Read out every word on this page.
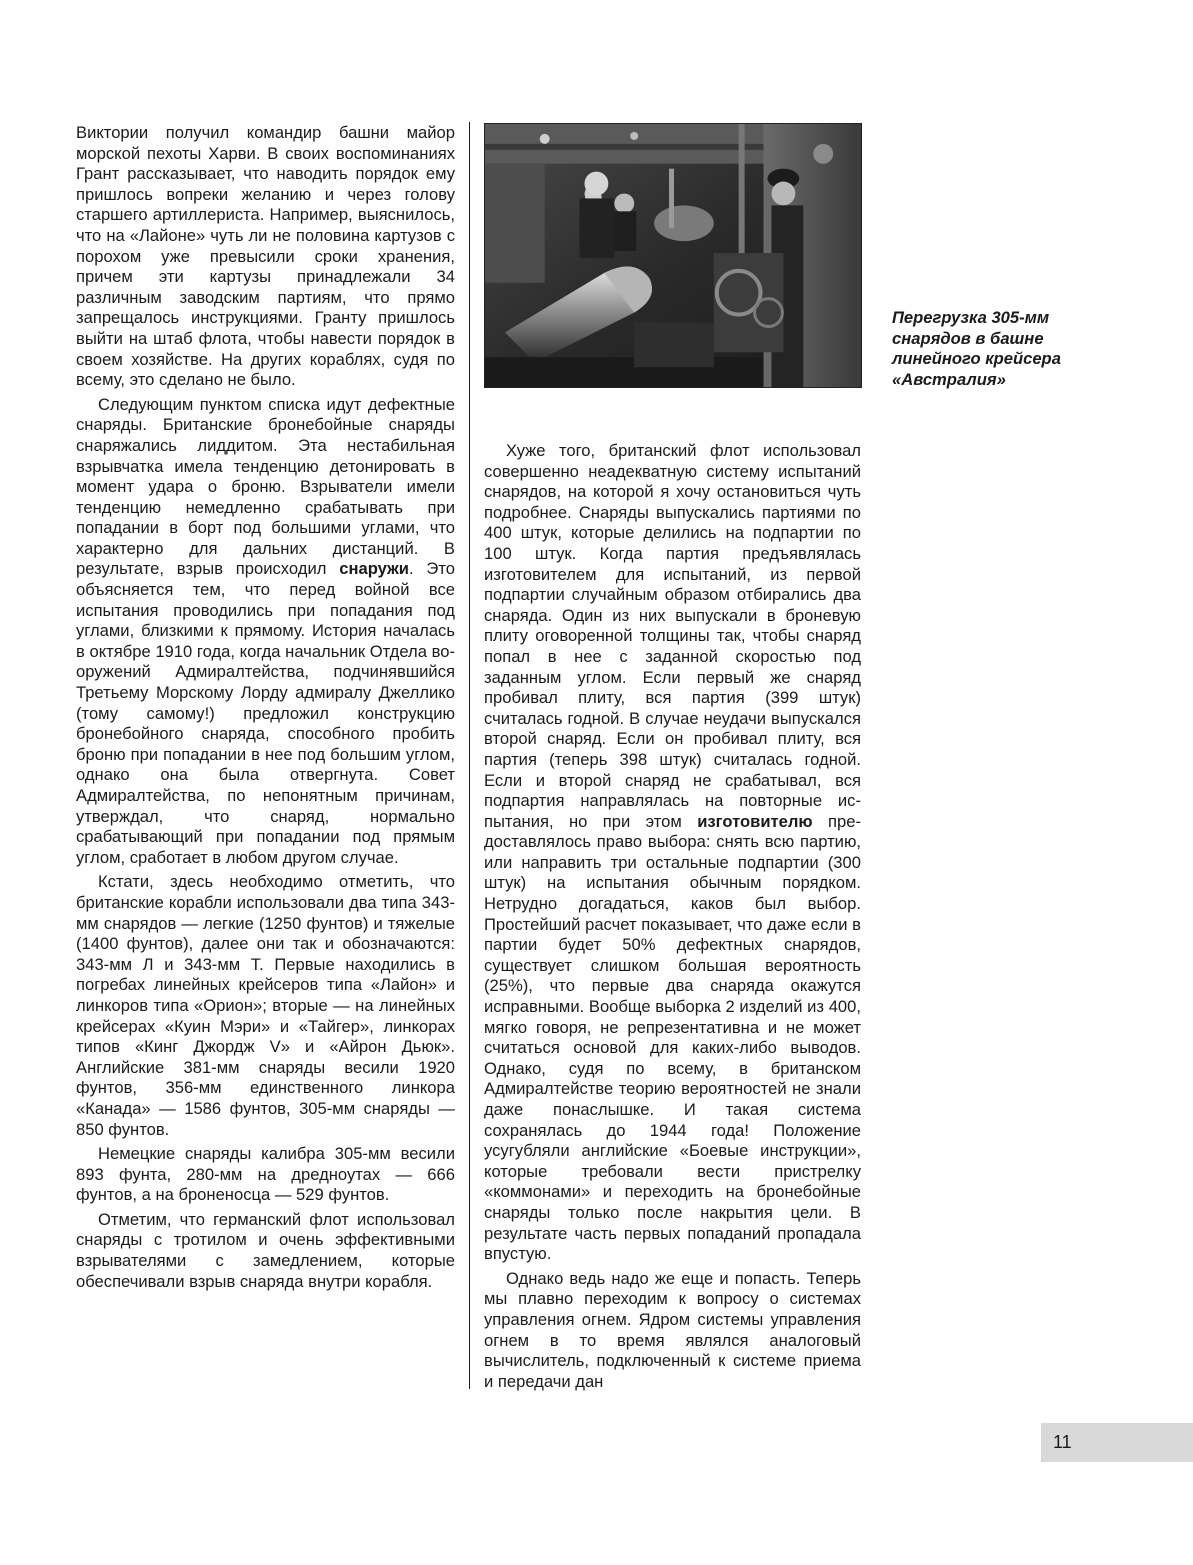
Виктории получил командир башни майор морской пехоты Харви. В своих воспоминаниях Грант рассказывает, что наводить порядок ему пришлось вопреки желанию и через голову старшего артиллериста. Например, выяснилось, что на «Лайоне» чуть ли не половина картузов с порохом уже превысили сроки хранения, причем эти картузы принадлежали 34 различным заводским партиям, что прямо запрещалось инструкциями. Гранту пришлось выйти на штаб флота, чтобы навести порядок в своем хозяйстве. На других кораблях, судя по всему, это сделано не было.

Следующим пунктом списка идут дефектные снаряды. Британские бронебойные снаряды снаряжались лиддитом. Эта нестабильная взрывчатка имела тенденцию детонировать в момент удара о броню. Взрыватели имели тенденцию немедленно срабатывать при попадании в борт под большими углами, что характерно для дальних дистанций. В результате, взрыв происходил снаружи. Это объясняется тем, что перед войной все испытания проводились при попадания под углами, близкими к прямому. История началась в октябре 1910 года, когда начальник Отдела вооружений Адмиралтейства, подчинявшийся Третьему Морскому Лорду адмиралу Джеллико (тому самому!) предложил конструкцию бронебойного снаряда, способного пробить броню при попадании в нее под большим углом, однако она была отвергнута. Совет Адмиралтейства, по непонятным причинам, утверждал, что снаряд, нормально срабатывающий при попадании под прямым углом, сработает в любом другом случае.

Кстати, здесь необходимо отметить, что британские корабли использовали два типа 343-мм снарядов — легкие (1250 фунтов) и тяжелые (1400 фунтов), далее они так и обозначаются: 343-мм Л и 343-мм Т. Первые находились в погребах линейных крейсеров типа «Лайон» и линкоров типа «Орион»; вторые — на линейных крейсерах «Куин Мэри» и «Тайгер», линкорах типов «Кинг Джордж V» и «Айрон Дьюк». Английские 381-мм снаряды весили 1920 фунтов, 356-мм единственного линкора «Канада» — 1586 фунтов, 305-мм снаряды — 850 фунтов.

Немецкие снаряды калибра 305-мм весили 893 фунта, 280-мм на дредноутах — 666 фунтов, а на броненосца — 529 фунтов.

Отметим, что германский флот использовал снаряды с тротилом и очень эффективными взрывателями с замедлением, которые обеспечивали взрыв снаряда внутри корабля.

Перегрузка 305-мм снарядов в башне линейного крейсера «Австралия»

Хуже того, британский флот использовал совершенно неадекватную систему испытаний снарядов, на которой я хочу остановиться чуть подробнее. Снаряды выпускались партиями по 400 штук, которые делились на подпартии по 100 штук. Когда партия предъявлялась изготовителем для испытаний, из первой подпартии случайным образом отбирались два снаряда. Один из них выпускали в броневую плиту оговоренной толщины так, чтобы снаряд попал в нее с заданной скоростью под заданным углом. Если первый же снаряд пробивал плиту, вся партия (399 штук) считалась годной. В случае неудачи выпускался второй снаряд. Если он пробивал плиту, вся партия (теперь 398 штук) считалась годной. Если и второй снаряд не срабатывал, вся подпартия направлялась на повторные испытания, но при этом изготовителю предоставлялось право выбора: снять всю партию, или направить три остальные подпартии (300 штук) на испытания обычным порядком. Нетрудно догадаться, каков был выбор. Простейший расчет показывает, что даже если в партии будет 50% дефектных снарядов, существует слишком большая вероятность (25%), что первые два снаряда окажутся исправными. Вообще выборка 2 изделий из 400, мягко говоря, не репрезентативна и не может считаться основой для каких-либо выводов. Однако, судя по всему, в британском Адмиралтействе теорию вероятностей не знали даже понаслышке. И такая система сохранялась до 1944 года! Положение усугубляли английские «Боевые инструкции», которые требовали вести пристрелку «коммонами» и переходить на бронебойные снаряды только после накрытия цели. В результате часть первых попаданий пропадала впустую.

Однако ведь надо же еще и попасть. Теперь мы плавно переходим к вопросу о системах управления огнем. Ядром системы управления огнем в то время являлся аналоговый вычислитель, подключенный к системе приема и передачи дан

11
